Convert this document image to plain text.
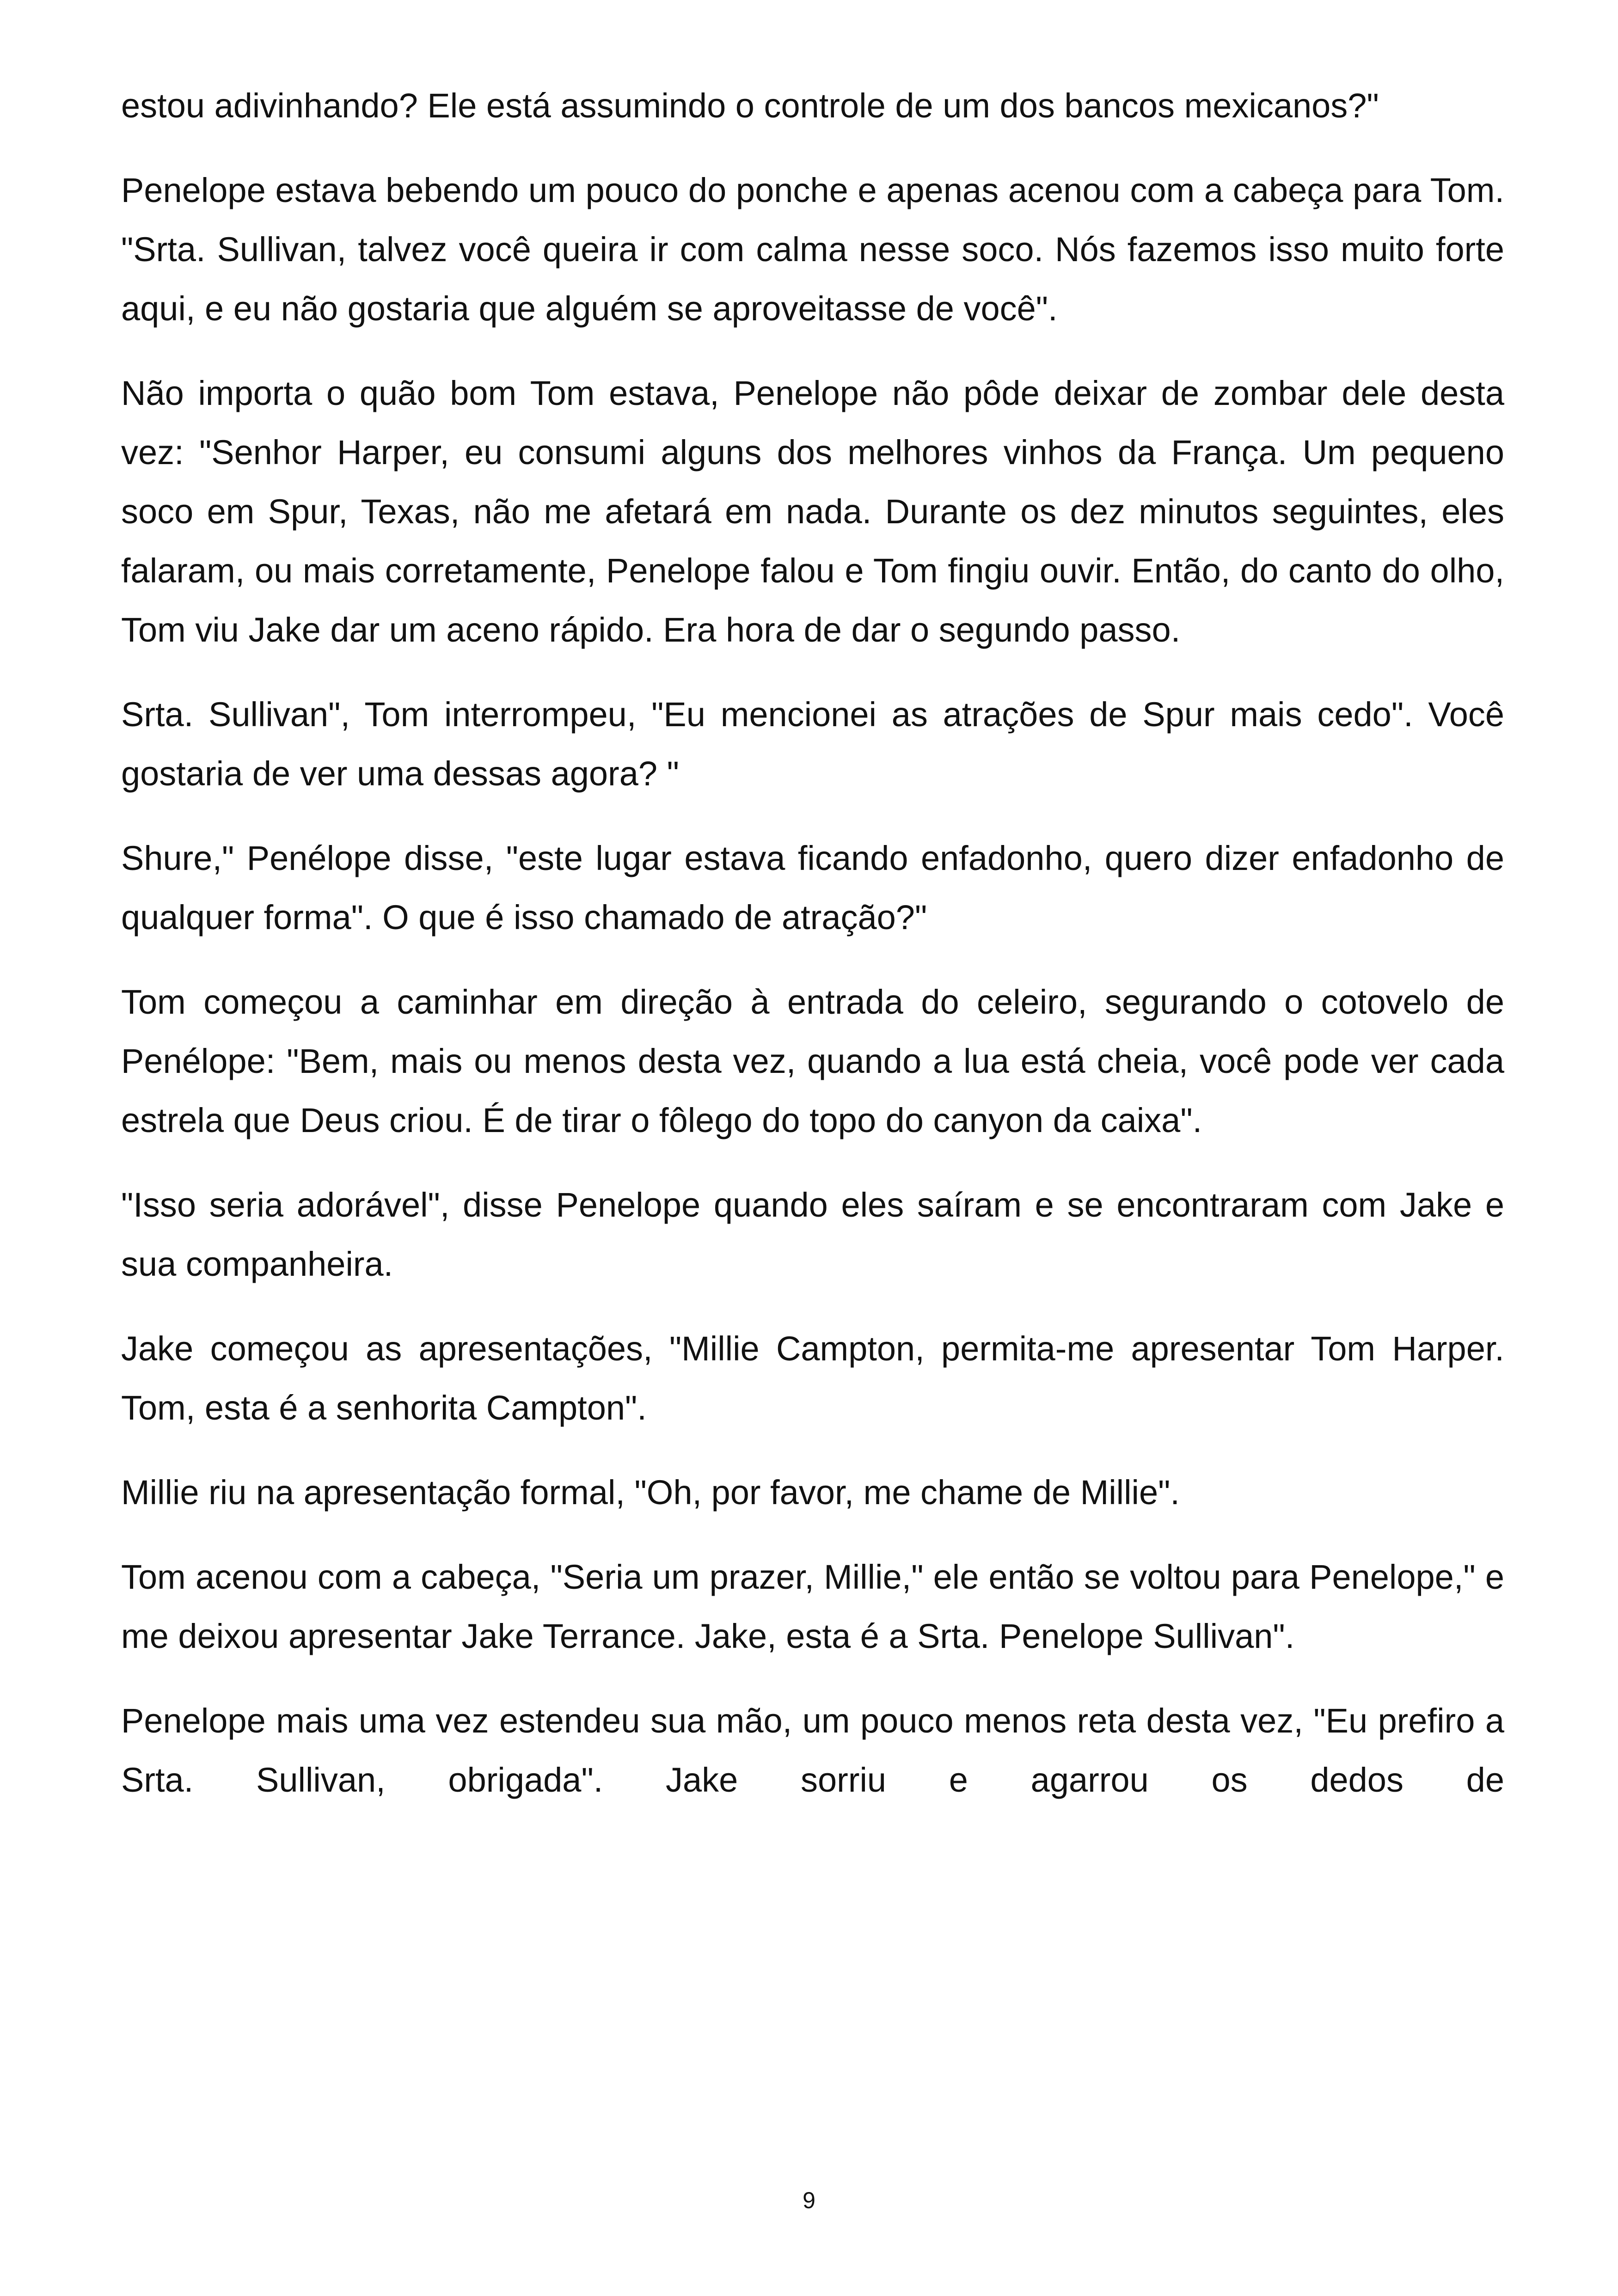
estou adivinhando? Ele está assumindo o controle de um dos bancos mexicanos?"

Penelope estava bebendo um pouco do ponche e apenas acenou com a cabeça para Tom. "Srta. Sullivan, talvez você queira ir com calma nesse soco. Nós fazemos isso muito forte aqui, e eu não gostaria que alguém se aproveitasse de você".

Não importa o quão bom Tom estava, Penelope não pôde deixar de zombar dele desta vez: "Senhor Harper, eu consumi alguns dos melhores vinhos da França. Um pequeno soco em Spur, Texas, não me afetará em nada. Durante os dez minutos seguintes, eles falaram, ou mais corretamente, Penelope falou e Tom fingiu ouvir. Então, do canto do olho, Tom viu Jake dar um aceno rápido. Era hora de dar o segundo passo.

Srta. Sullivan", Tom interrompeu, "Eu mencionei as atrações de Spur mais cedo". Você gostaria de ver uma dessas agora? "

Shure," Penélope disse, "este lugar estava ficando enfadonho, quero dizer enfadonho de qualquer forma". O que é isso chamado de atração?"

Tom começou a caminhar em direção à entrada do celeiro, segurando o cotovelo de Penélope: "Bem, mais ou menos desta vez, quando a lua está cheia, você pode ver cada estrela que Deus criou. É de tirar o fôlego do topo do canyon da caixa".

"Isso seria adorável", disse Penelope quando eles saíram e se encontraram com Jake e sua companheira.

Jake começou as apresentações, "Millie Campton, permita-me apresentar Tom Harper. Tom, esta é a senhorita Campton".

Millie riu na apresentação formal, "Oh, por favor, me chame de Millie".

Tom acenou com a cabeça, "Seria um prazer, Millie," ele então se voltou para Penelope," e me deixou apresentar Jake Terrance. Jake, esta é a Srta. Penelope Sullivan".

Penelope mais uma vez estendeu sua mão, um pouco menos reta desta vez, "Eu prefiro a Srta. Sullivan, obrigada". Jake sorriu e agarrou os dedos de

9
